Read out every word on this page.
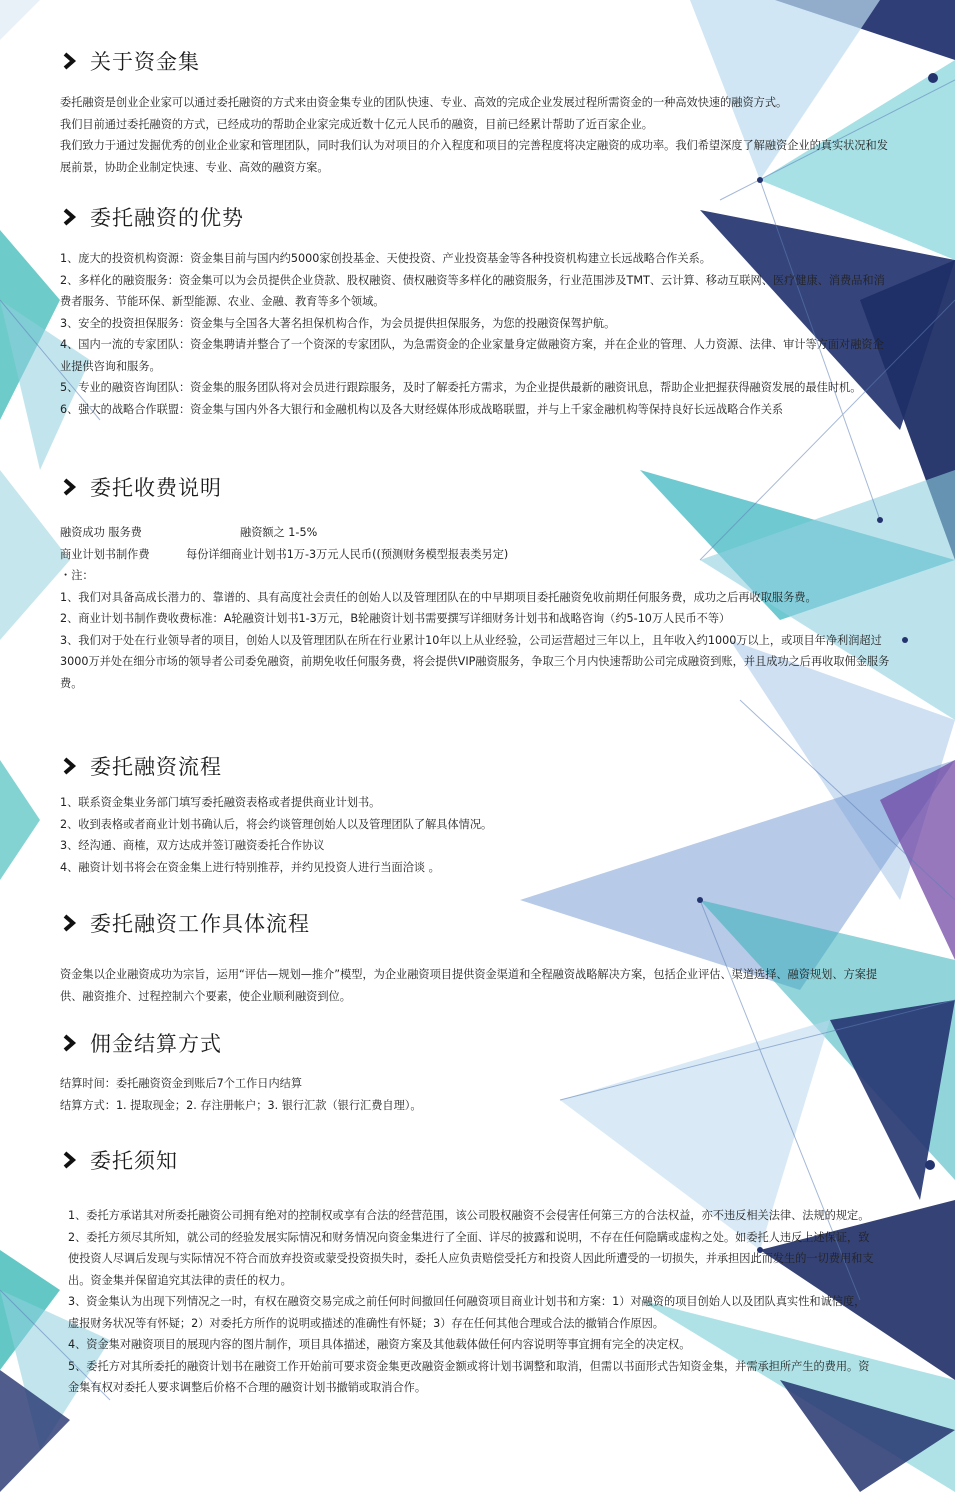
关于资金集

委托融资是创业企业家可以通过委托融资的方式来由资金集专业的团队快速、专业、高效的完成企业发展过程所需资金的一种高效快速的融资方式。

我们目前通过委托融资的方式，已经成功的帮助企业家完成近数十亿元人民币的融资，目前已经累计帮助了近百家企业。

我们致力于通过发掘优秀的创业企业家和管理团队，同时我们认为对项目的介入程度和项目的完善程度将决定融资的成功率。我们希望深度了解融资企业的真实状况和发展前景，协助企业制定快速、专业、高效的融资方案。

委托融资的优势

1、庞大的投资机构资源：资金集目前与国内约5000家创投基金、天使投资、产业投资基金等各种投资机构建立长远战略合作关系。

2、多样化的融资服务：资金集可以为会员提供企业贷款、股权融资、债权融资等多样化的融资服务，行业范围涉及TMT、云计算、移动互联网、医疗健康、消费品和消费者服务、节能环保、新型能源、农业、金融、教育等多个领域。

3、安全的投资担保服务：资金集与全国各大著名担保机构合作，为会员提供担保服务，为您的投融资保驾护航。

4、国内一流的专家团队：资金集聘请并整合了一个资深的专家团队，为急需资金的企业家量身定做融资方案，并在企业的管理、人力资源、法律、审计等方面对融资企业提供咨询和服务。

5、专业的融资咨询团队：资金集的服务团队将对会员进行跟踪服务，及时了解委托方需求，为企业提供最新的融资讯息，帮助企业把握获得融资发展的最佳时机。

6、强大的战略合作联盟：资金集与国内外各大银行和金融机构以及各大财经媒体形成战略联盟，并与上千家金融机构等保持良好长远战略合作关系

委托收费说明
融资成功 服务费	融资额之 1-5%
商业计划书制作费	每份详细商业计划书1万-3万元人民币((预测财务模型报表类另定)

・注：

1、我们对具备高成长潜力的、靠谱的、具有高度社会责任的创始人以及管理团队在的中早期项目委托融资免收前期任何服务费，成功之后再收取服务费。

2、商业计划书制作费收费标准：A轮融资计划书1-3万元，B轮融资计划书需要撰写详细财务计划书和战略咨询（约5-10万人民币不等）

3、我们对于处在行业领导者的项目，创始人以及管理团队在所在行业累计10年以上从业经验，公司运营超过三年以上，且年收入约1000万以上，或项目年净利润超过3000万并处在细分市场的领导者公司委免融资，前期免收任何服务费，将会提供VIP融资服务，争取三个月内快速帮助公司完成融资到账，并且成功之后再收取佣金服务费。

委托融资流程

1、联系资金集业务部门填写委托融资表格或者提供商业计划书。

2、收到表格或者商业计划书确认后，将会约谈管理创始人以及管理团队了解具体情况。

3、经沟通、商榷，双方达成并签订融资委托合作协议

4、融资计划书将会在资金集上进行特别推荐，并约见投资人进行当面洽谈 。

委托融资工作具体流程

资金集以企业融资成功为宗旨，运用“评估—规划—推介”模型，为企业融资项目提供资金渠道和全程融资战略解决方案，包括企业评估、渠道选择、融资规划、方案提供、融资推介、过程控制六个要素，使企业顺利融资到位。

佣金结算方式

结算时间：委托融资资金到账后7个工作日内结算

结算方式：1. 提取现金；2. 存注册帐户；3. 银行汇款（银行汇费自理）。

委托须知

1、委托方承诺其对所委托融资公司拥有绝对的控制权或享有合法的经营范围，该公司股权融资不会侵害任何第三方的合法权益，亦不违反相关法律、法规的规定。

2、委托方须尽其所知，就公司的经验发展实际情况和财务情况向资金集进行了全面、详尽的披露和说明，不存在任何隐瞒或虚构之处。如委托人违反上述保证，致使投资人尽调后发现与实际情况不符合而放弃投资或蒙受投资损失时，委托人应负责赔偿受托方和投资人因此所遭受的一切损失，并承担因此而发生的一切费用和支出。资金集并保留追究其法律的责任的权力。

3、资金集认为出现下列情况之一时，有权在融资交易完成之前任何时间撤回任何融资项目商业计划书和方案：1）对融资的项目创始人以及团队真实性和诚信度，虚报财务状况等有怀疑；2）对委托方所作的说明或描述的准确性有怀疑；3）存在任何其他合理或合法的撤销合作原因。

4、资金集对融资项目的展现内容的图片制作，项目具体描述，融资方案及其他载体做任何内容说明等事宜拥有完全的决定权。

5、委托方对其所委托的融资计划书在融资工作开始前可要求资金集更改融资金额或将计划书调整和取消，但需以书面形式告知资金集，并需承担所产生的费用。资金集有权对委托人要求调整后价格不合理的融资计划书撤销或取消合作。
